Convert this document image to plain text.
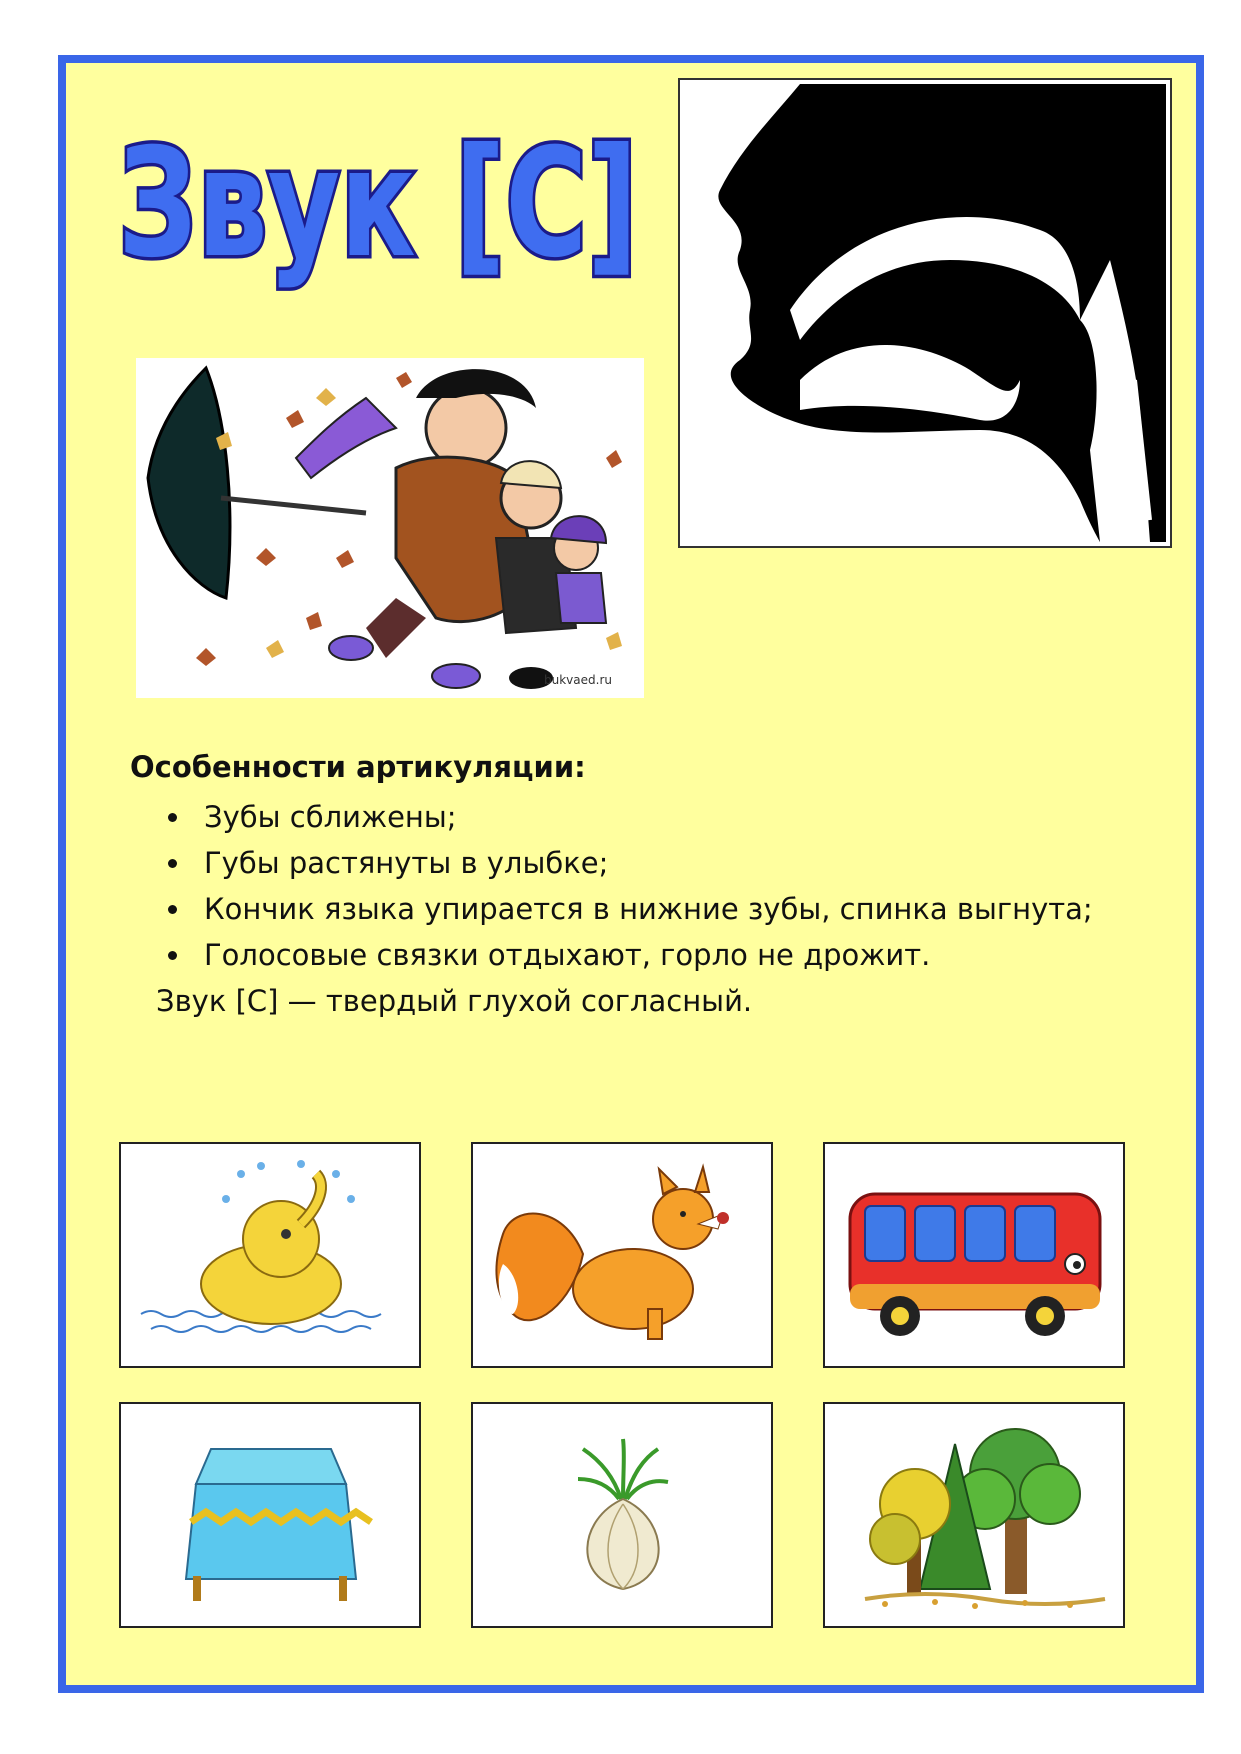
Звук [С]
bukvaed.ru
Особенности артикуляции:
Зубы сближены;
Губы растянуты в улыбке;
Кончик языка упирается в нижние зубы, спинка выгнута;
Голосовые связки отдыхают, горло не дрожит.
Звук [С] — твердый глухой согласный.
